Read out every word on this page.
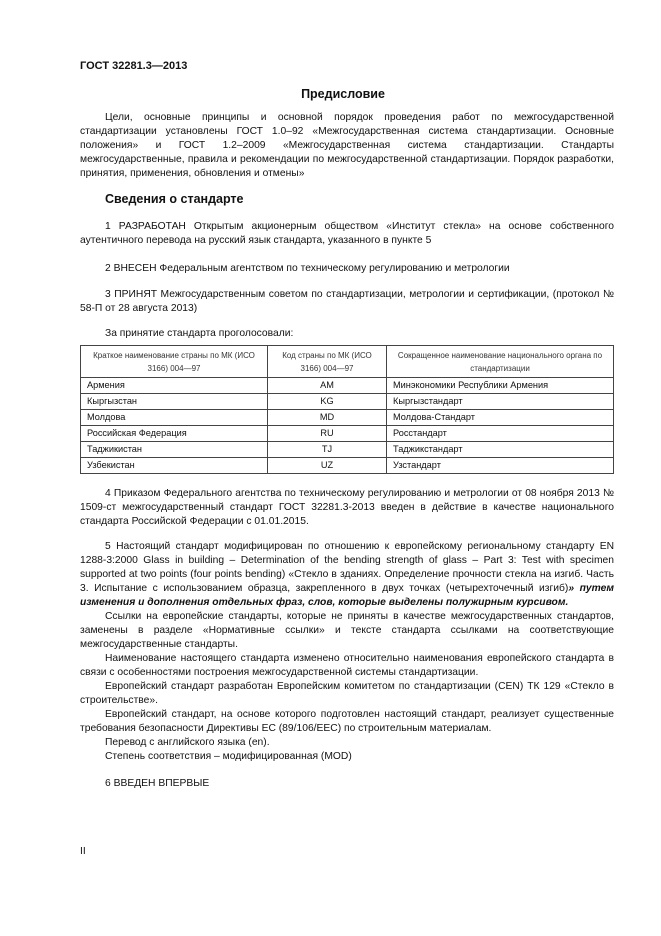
ГОСТ 32281.3—2013
Предисловие

Цели, основные принципы и основной порядок проведения работ по межгосударственной стандартизации установлены ГОСТ 1.0–92 «Межгосударственная система стандартизации. Основные положения» и ГОСТ 1.2–2009 «Межгосударственная система стандартизации. Стандарты межгосударственные, правила и рекомендации по межгосударственной стандартизации. Порядок разработки, принятия, применения, обновления и отмены»

Сведения о стандарте

1 РАЗРАБОТАН Открытым акционерным обществом «Институт стекла» на основе собственного аутентичного перевода на русский язык стандарта, указанного в пункте 5

2 ВНЕСЕН Федеральным агентством по техническому регулированию и метрологии

3 ПРИНЯТ Межгосударственным советом по стандартизации, метрологии и сертификации, (протокол № 58-П от 28 августа 2013)

За принятие стандарта проголосовали:

Краткое наименование страны по МК (ИСО 3166) 004—97	Код страны по МК (ИСО 3166) 004—97	Сокращенное наименование национального органа по стандартизации
Армения	AM	Минэкономики Республики Армения
Кыргызстан	KG	Кыргызстандарт
Молдова	MD	Молдова-Стандарт
Российская Федерация	RU	Росстандарт
Таджикистан	TJ	Таджикстандарт
Узбекистан	UZ	Узстандарт

4 Приказом Федерального агентства по техническому регулированию и метрологии от 08 ноября 2013 № 1509-ст межгосударственный стандарт ГОСТ 32281.3-2013 введен в действие в качестве национального стандарта Российской Федерации с 01.01.2015.

5 Настоящий стандарт модифицирован по отношению к европейскому региональному стандарту EN 1288-3:2000 Glass in building – Determination of the bending strength of glass – Part 3: Test with specimen supported at two points (four points bending) «Стекло в зданиях. Определение прочности стекла на изгиб. Часть 3. Испытание с использованием образца, закрепленного в двух точках (четырехточечный изгиб)» путем изменения и дополнения отдельных фраз, слов, которые выделены полужирным курсивом.

Ссылки на европейские стандарты, которые не приняты в качестве межгосударственных стандартов, заменены в разделе «Нормативные ссылки» и тексте стандарта ссылками на соответствующие межгосударственные стандарты.

Наименование настоящего стандарта изменено относительно наименования европейского стандарта в связи с особенностями построения межгосударственной системы стандартизации.

Европейский стандарт разработан Европейским комитетом по стандартизации (CEN) ТК 129 «Стекло в строительстве».

Европейский стандарт, на основе которого подготовлен настоящий стандарт, реализует существенные требования безопасности Директивы ЕС (89/106/EEC) по строительным материалам.

Перевод с английского языка (en).

Степень соответствия – модифицированная (MOD)

6 ВВЕДЕН ВПЕРВЫЕ

II
